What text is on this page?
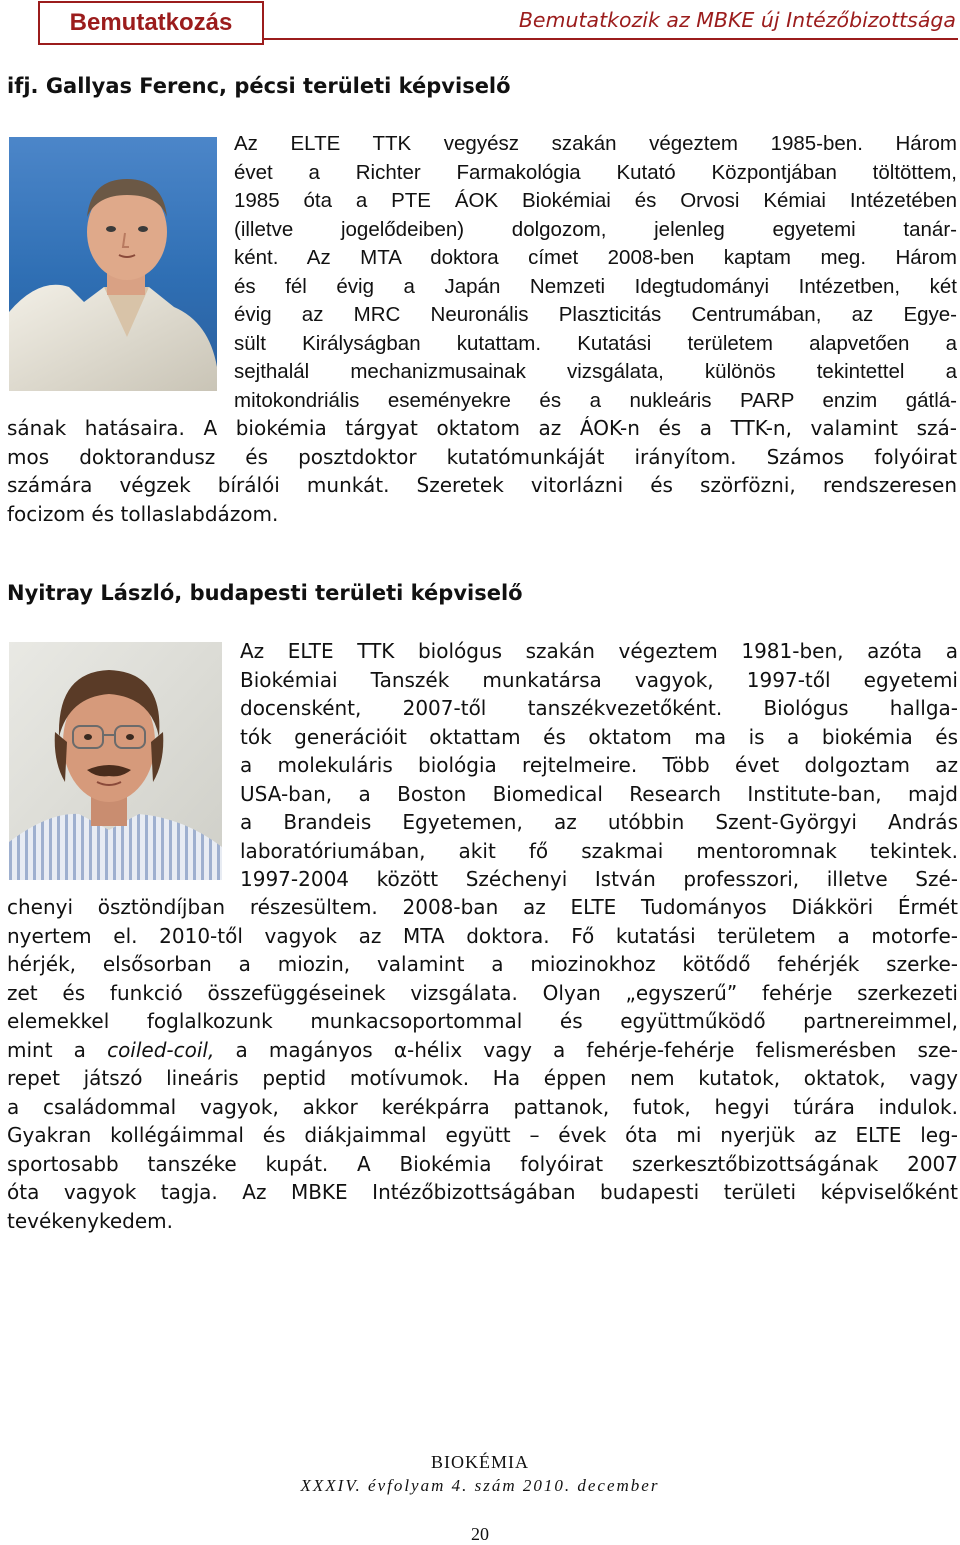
Bemutatkozás	Bemutatkozik az MBKE új Intézőbizottsága
ifj. Gallyas Ferenc, pécsi területi képviselő
Az ELTE TTK vegyész szakán végeztem 1985-ben. Három
évet a Richter Farmakológia Kutató Központjában töltöttem,
1985 óta a PTE ÁOK Biokémiai és Orvosi Kémiai Intézetében
(illetve jogelődeiben) dolgozom, jelenleg egyetemi tanár-
ként. Az MTA doktora címet 2008-ben kaptam meg. Három
és fél évig a Japán Nemzeti Idegtudományi Intézetben, két
évig az MRC Neuronális Plaszticitás Centrumában, az Egye-
sült Királyságban kutattam. Kutatási területem alapvetően a
sejthalál mechanizmusainak vizsgálata, különös tekintettel a
mitokondriális eseményekre és a nukleáris PARP enzim gátlá-
sának hatásaira. A biokémia tárgyat oktatom az ÁOK-n és a TTK-n, valamint szá-
mos doktorandusz és posztdoktor kutatómunkáját irányítom. Számos folyóirat
számára végzek bírálói munkát. Szeretek vitorlázni és szörfözni, rendszeresen
focizom és tollaslabdázom.
Nyitray László, budapesti területi képviselő
Az ELTE TTK biológus szakán végeztem 1981-ben, azóta a
Biokémiai Tanszék munkatársa vagyok, 1997-től egyetemi
docensként, 2007-től tanszékvezetőként. Biológus hallga-
tók generációit oktattam és oktatom ma is a biokémia és
a molekuláris biológia rejtelmeire. Több évet dolgoztam az
USA-ban, a Boston Biomedical Research Institute-ban, majd
a Brandeis Egyetemen, az utóbbin Szent-Györgyi András
laboratóriumában, akit fő szakmai mentoromnak tekintek.
1997-2004 között Széchenyi István professzori, illetve Szé-
chenyi ösztöndíjban részesültem. 2008-ban az ELTE Tudományos Diákköri Érmét
nyertem el. 2010-től vagyok az MTA doktora. Fő kutatási területem a motorfe-
hérjék, elsősorban a miozin, valamint a miozinokhoz kötődő fehérjék szerke-
zet és funkció összefüggéseinek vizsgálata. Olyan „egyszerű” fehérje szerkezeti
elemekkel foglalkozunk munkacsoportommal és együttműködő partnereimmel,
mint a coiled-coil, a magányos α-hélix vagy a fehérje-fehérje felismerésben sze-
repet játszó lineáris peptid motívumok. Ha éppen nem kutatok, oktatok, vagy
a családommal vagyok, akkor kerékpárra pattanok, futok, hegyi túrára indulok.
Gyakran kollégáimmal és diákjaimmal együtt – évek óta mi nyerjük az ELTE leg-
sportosabb tanszéke kupát. A Biokémia folyóirat szerkesztőbizottságának 2007
óta vagyok tagja. Az MBKE Intézőbizottságában budapesti területi képviselőként
tevékenykedem.
BIOKÉMIA
XXXIV. évfolyam 4. szám 2010. december
20
